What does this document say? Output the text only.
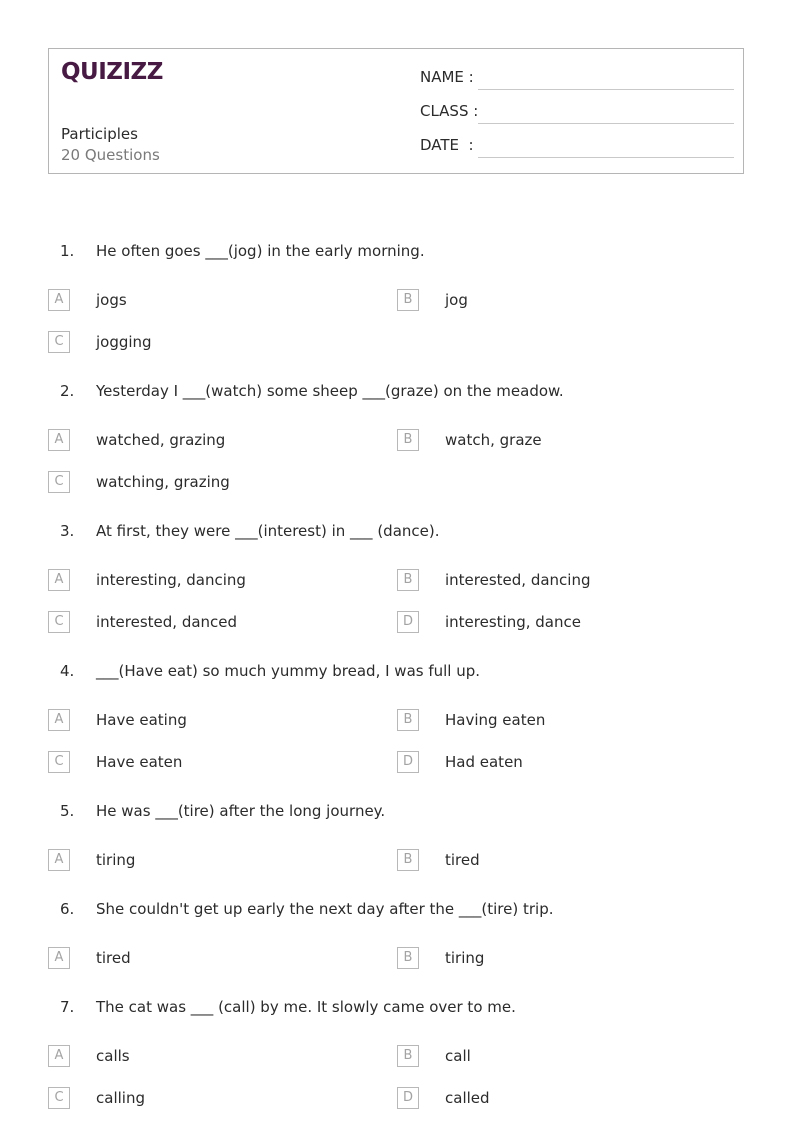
QUIZIZZ
Participles
20 Questions
NAME :
CLASS :
DATE  :
1. He often goes ___(jog) in the early morning.
A	jogs	B	jog
C	jogging
2. Yesterday I ___(watch) some sheep ___(graze) on the meadow.
A	watched, grazing	B	watch, graze
C	watching, grazing
3. At first, they were ___(interest) in ___ (dance).
A	interesting, dancing	B	interested, dancing
C	interested, danced	D	interesting, dance
4. ___(Have eat) so much yummy bread, I was full up.
A	Have eating	B	Having eaten
C	Have eaten	D	Had eaten
5. He was ___(tire) after the long journey.
A	tiring	B	tired
6. She couldn't get up early the next day after the ___(tire) trip.
A	tired	B	tiring
7. The cat was ___ (call) by me. It slowly came over to me.
A	calls	B	call
C	calling	D	called
